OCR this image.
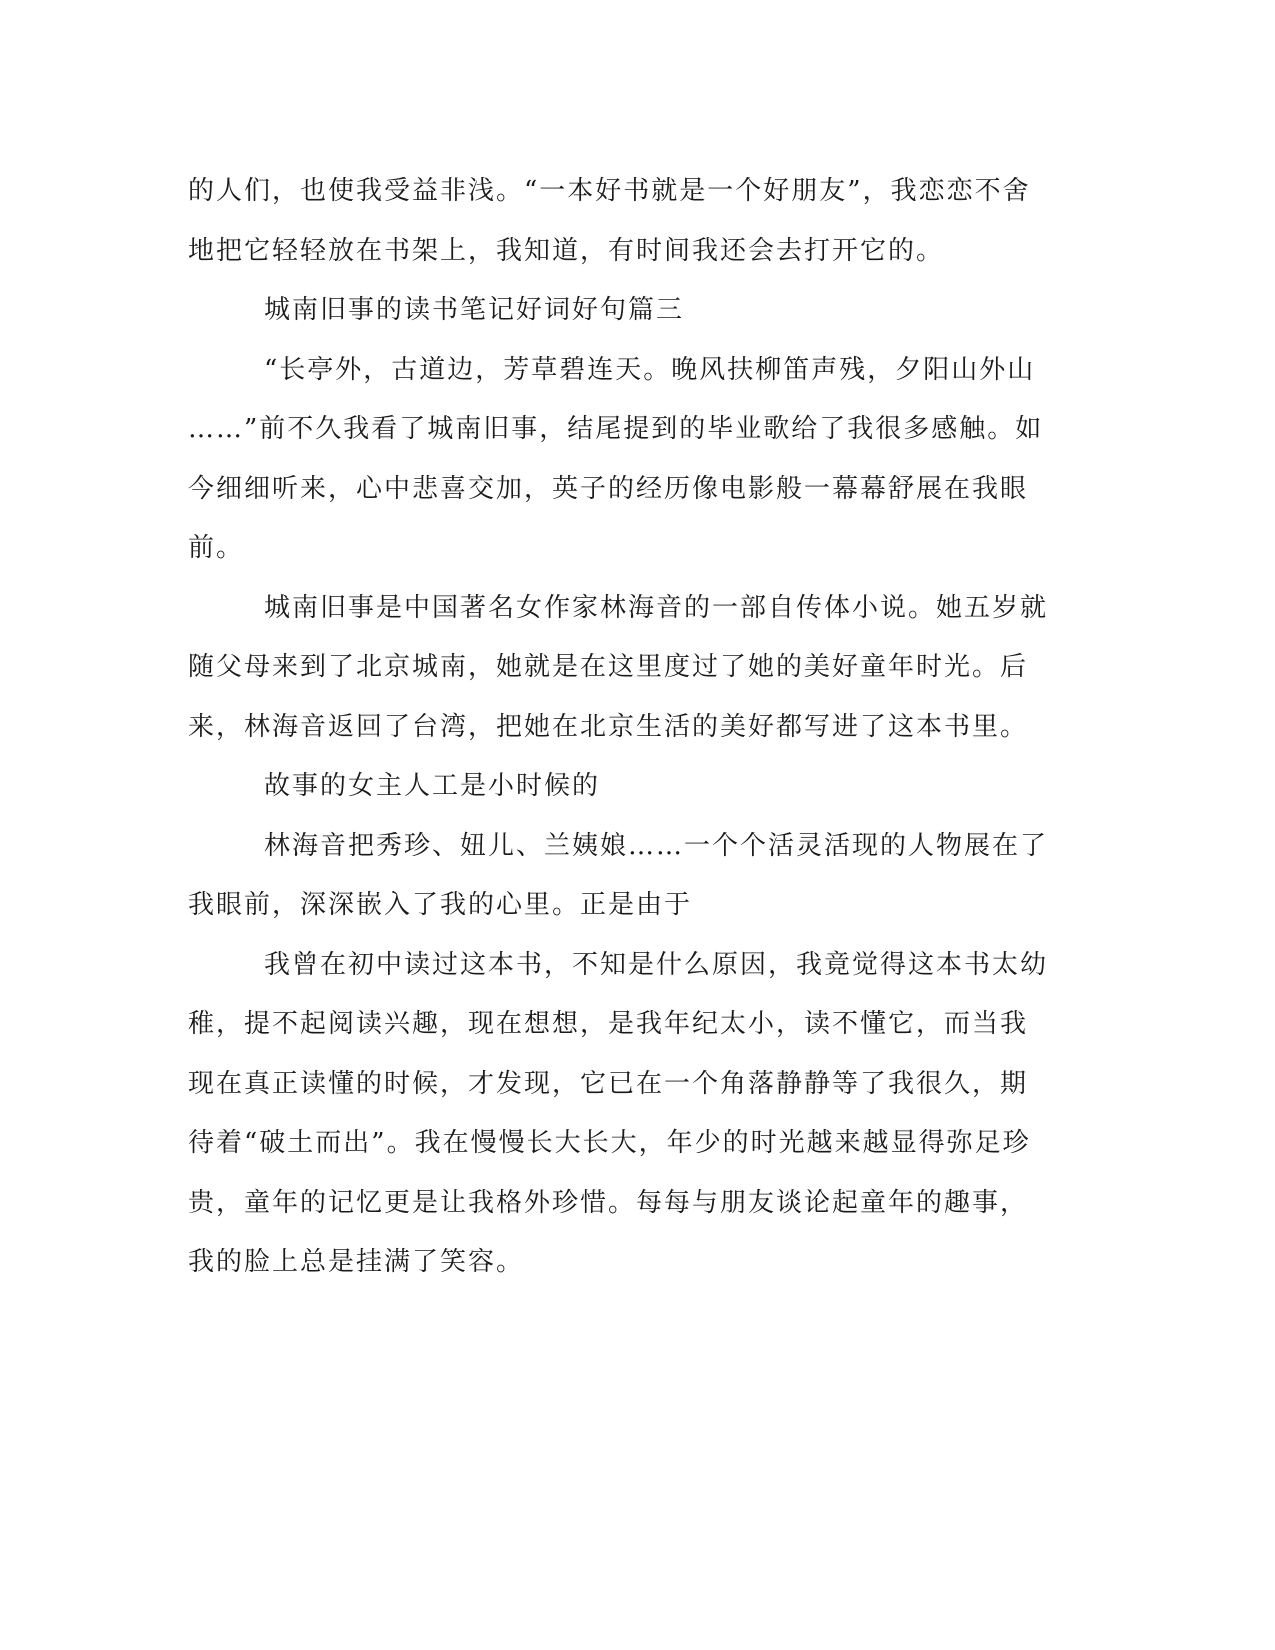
的人们，也使我受益非浅。“一本好书就是一个好朋友”，我恋恋不舍
地把它轻轻放在书架上，我知道，有时间我还会去打开它的。
城南旧事的读书笔记好词好句篇三
“长亭外，古道边，芳草碧连天。晚风扶柳笛声残，夕阳山外山
……”前不久我看了城南旧事，结尾提到的毕业歌给了我很多感触。如
今细细听来，心中悲喜交加，英子的经历像电影般一幕幕舒展在我眼
前。
城南旧事是中国著名女作家林海音的一部自传体小说。她五岁就
随父母来到了北京城南，她就是在这里度过了她的美好童年时光。后
来，林海音返回了台湾，把她在北京生活的美好都写进了这本书里。
故事的女主人工是小时候的
林海音把秀珍、妞儿、兰姨娘……一个个活灵活现的人物展在了
我眼前，深深嵌入了我的心里。正是由于
我曾在初中读过这本书，不知是什么原因，我竟觉得这本书太幼
稚，提不起阅读兴趣，现在想想，是我年纪太小，读不懂它，而当我
现在真正读懂的时候，才发现，它已在一个角落静静等了我很久，期
待着“破土而出”。我在慢慢长大长大，年少的时光越来越显得弥足珍
贵，童年的记忆更是让我格外珍惜。每每与朋友谈论起童年的趣事，
我的脸上总是挂满了笑容。
